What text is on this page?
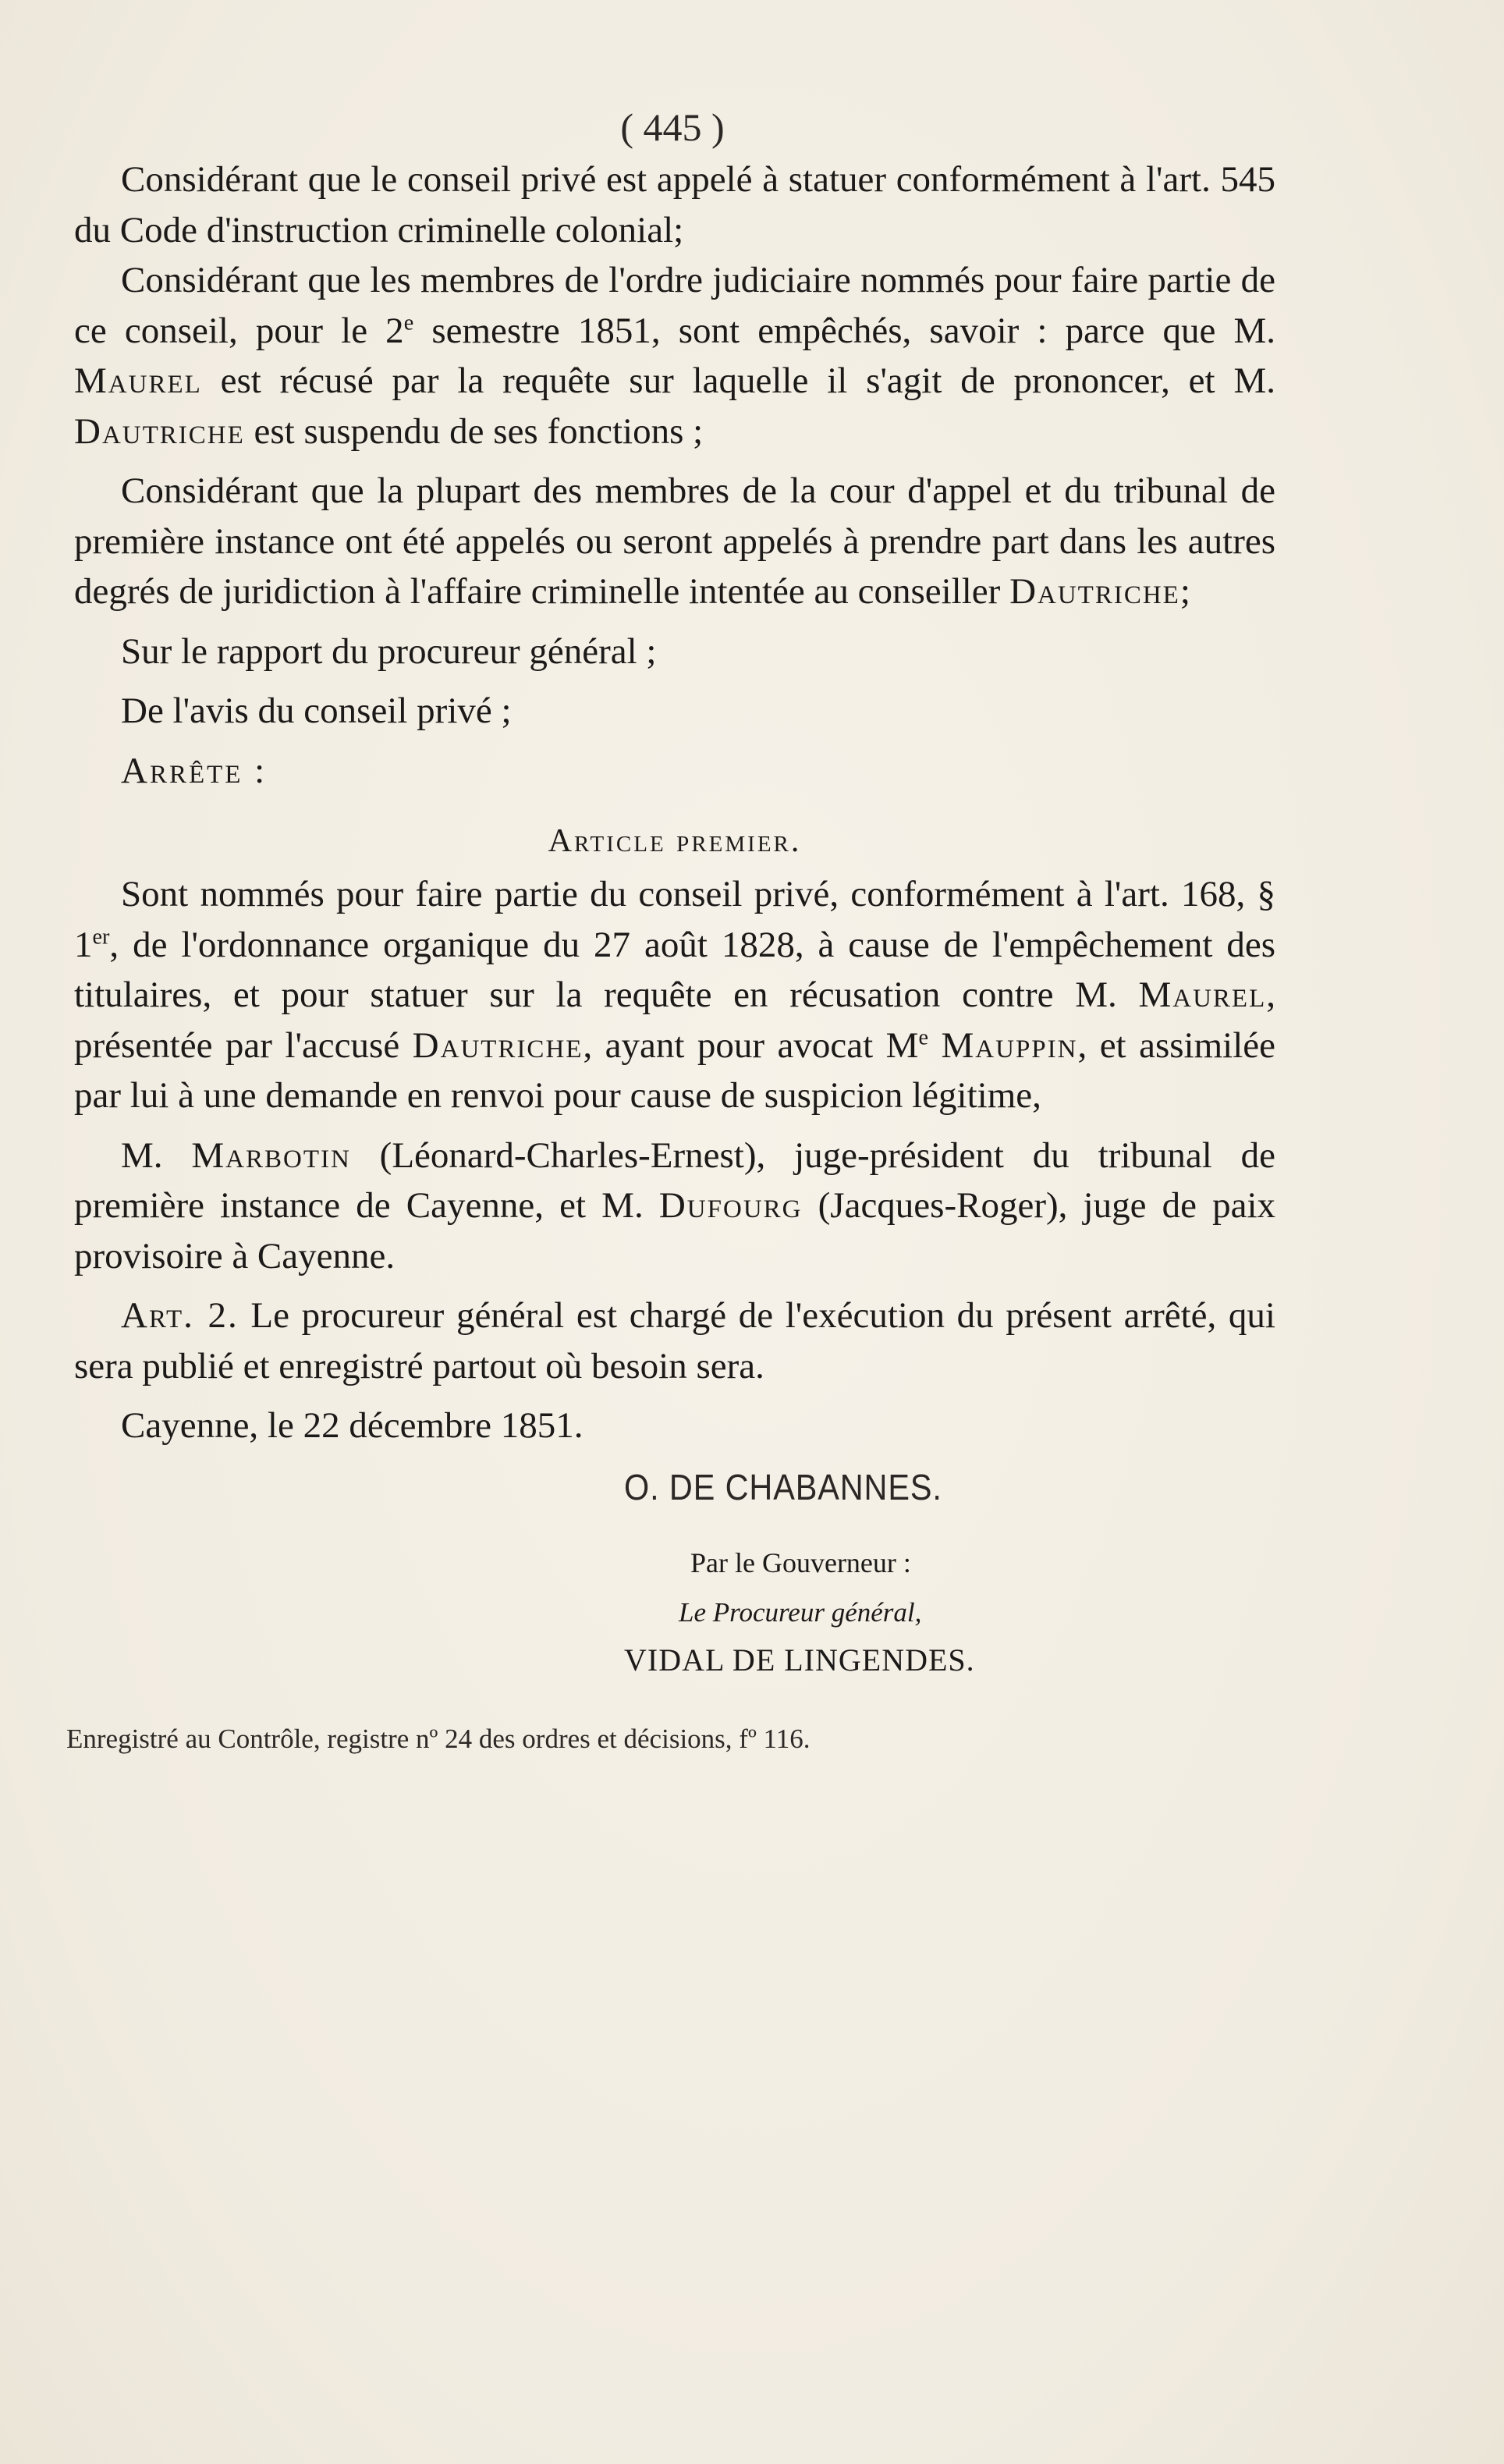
( 445 )

Considérant que le conseil privé est appelé à statuer conformément à l'art. 545 du Code d'instruction criminelle colonial;

Considérant que les membres de l'ordre judiciaire nommés pour faire partie de ce conseil, pour le 2e semestre 1851, sont empêchés, savoir : parce que M. Maurel est récusé par la requête sur laquelle il s'agit de prononcer, et M. Dautriche est suspendu de ses fonctions ;

Considérant que la plupart des membres de la cour d'appel et du tribunal de première instance ont été appelés ou seront appelés à prendre part dans les autres degrés de juridiction à l'affaire criminelle intentée au conseiller Dautriche;

Sur le rapport du procureur général ;

De l'avis du conseil privé ;

Arrête :
Article premier.

Sont nommés pour faire partie du conseil privé, conformément à l'art. 168, § 1er, de l'ordonnance organique du 27 août 1828, à cause de l'empêchement des titulaires, et pour statuer sur la requête en récusation contre M. Maurel, présentée par l'accusé Dautriche, ayant pour avocat Me Mauppin, et assimilée par lui à une demande en renvoi pour cause de suspicion légitime,

M. Marbotin (Léonard-Charles-Ernest), juge-président du tribunal de première instance de Cayenne, et M. Dufourg (Jacques-Roger), juge de paix provisoire à Cayenne.

Art. 2. Le procureur général est chargé de l'exécution du présent arrêté, qui sera publié et enregistré partout où besoin sera.

Cayenne, le 22 décembre 1851.

O. DE CHABANNES.
Par le Gouverneur :
Le Procureur général,
VIDAL DE LINGENDES.
Enregistré au Contrôle, registre nº 24 des ordres et décisions, fº 116.
